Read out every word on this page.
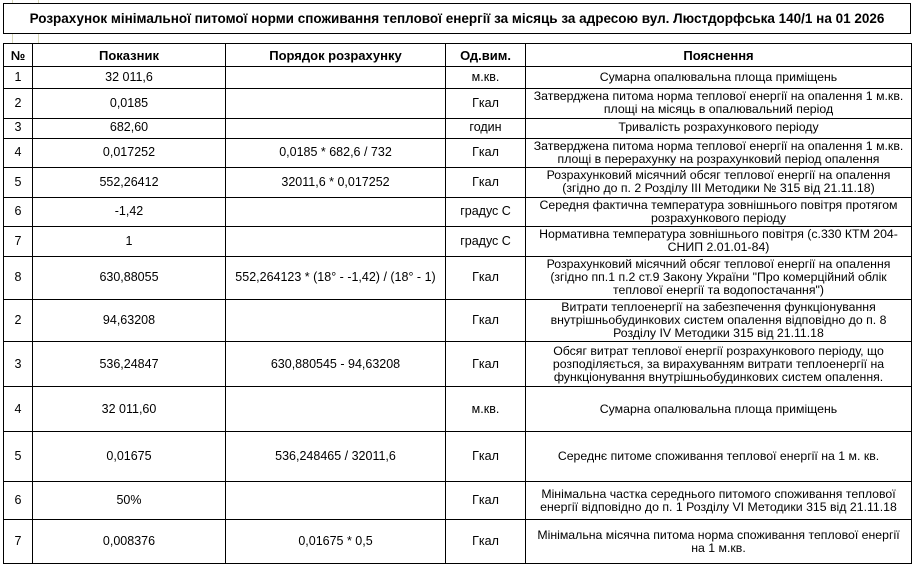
Розрахунок мінімальної питомої норми споживання теплової енергії за місяць за адресою вул. Люстдорфська 140/1 на 01 2026
№	Показник	Порядок розрахунку	Од.вим.	Пояснення
1	32 011,6		м.кв.	Сумарна опалювальна площа приміщень
2	0,0185		Гкал	Затверджена питома норма теплової енергії на опалення 1 м.кв. площі на місяць в опалювальний період
3	682,60		годин	Тривалість розрахункового періоду
4	0,017252	0,0185 * 682,6 / 732	Гкал	Затверджена питома норма теплової енергії на опалення 1 м.кв. площі в перерахунку на розрахунковий період опалення
5	552,26412	32011,6 * 0,017252	Гкал	Розрахунковий місячний обсяг теплової енергії на опалення (згідно до п. 2 Розділу III Методики № 315 від 21.11.18)
6	-1,42		градус С	Середня фактична температура зовнішнього повітря протягом розрахункового періоду
7	1		градус С	Нормативна температура зовнішнього повітря (с.330 КТМ 204-СНИП 2.01.01-84)
8	630,88055	552,264123 * (18° - -1,42) / (18° - 1)	Гкал	Розрахунковий місячний обсяг теплової енергії на опалення (згідно пп.1 п.2 ст.9 Закону України "Про комерційний облік теплової енергії та водопостачання")
2	94,63208		Гкал	Витрати теплоенергії на забезпечення функціонування внутрішньобудинкових систем опалення відповідно до п. 8 Розділу IV Методики 315 від 21.11.18
3	536,24847	630,880545 - 94,63208	Гкал	Обсяг витрат теплової енергії розрахункового періоду, що розподіляється, за вирахуванням витрати теплоенергії на функціонування внутрішньобудинкових систем опалення.
4	32 011,60		м.кв.	Сумарна опалювальна площа приміщень
5	0,01675	536,248465 / 32011,6	Гкал	Середнє питоме споживання теплової енергії на 1 м. кв.
6	50%		Гкал	Мінімальна частка середнього питомого споживання теплової енергії відповідно до п. 1 Розділу VI Методики 315 від 21.11.18
7	0,008376	0,01675 * 0,5	Гкал	Мінімальна місячна питома норма споживання теплової енергії на 1 м.кв.
